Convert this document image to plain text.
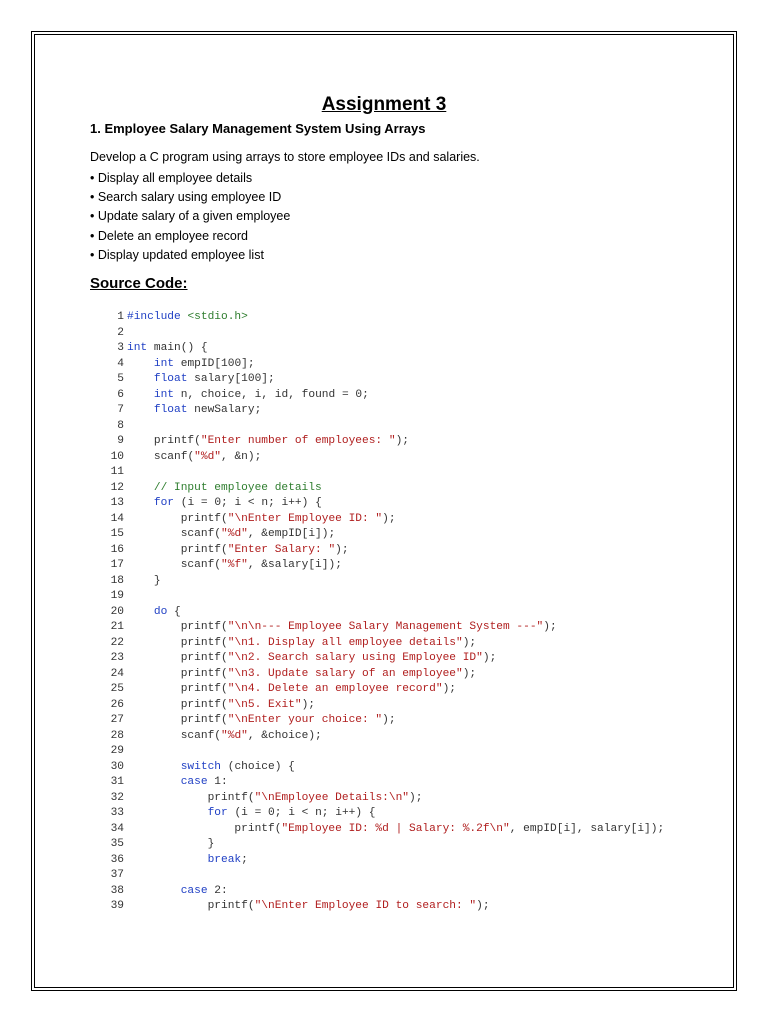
Assignment 3
1. Employee Salary Management System Using Arrays
Develop a C program using arrays to store employee IDs and salaries.
• Display all employee details
• Search salary using employee ID
• Update salary of a given employee
• Delete an employee record
• Display updated employee list
Source Code:
1 #include <stdio.h>
2
3 int main() {
4	int empID[100];
5	float salary[100];
6	int n, choice, i, id, found = 0;
7	float newSalary;
8
9	printf("Enter number of employees: ");
10	scanf("%d", &n);
11
12	// Input employee details
13	for (i = 0; i < n; i++) {
14	printf("\nEnter Employee ID: ");
15	scanf("%d", &empID[i]);
16	printf("Enter Salary: ");
17	scanf("%f", &salary[i]);
18 }
19
20	do {
21	printf("\n\n--- Employee Salary Management System ---");
22	printf("\n1. Display all employee details");
23	printf("\n2. Search salary using Employee ID");
24	printf("\n3. Update salary of an employee");
25	printf("\n4. Delete an employee record");
26	printf("\n5. Exit");
27	printf("\nEnter your choice: ");
28	scanf("%d", &choice);
29
30	switch (choice) {
31	case 1:
32	printf("\nEmployee Details:\n");
33	for (i = 0; i < n; i++) {
34	printf("Employee ID: %d | Salary: %.2f\n", empID[i], salary[i]);
35 }
36	break;
37
38	case 2:
39	printf("\nEnter Employee ID to search: ");
